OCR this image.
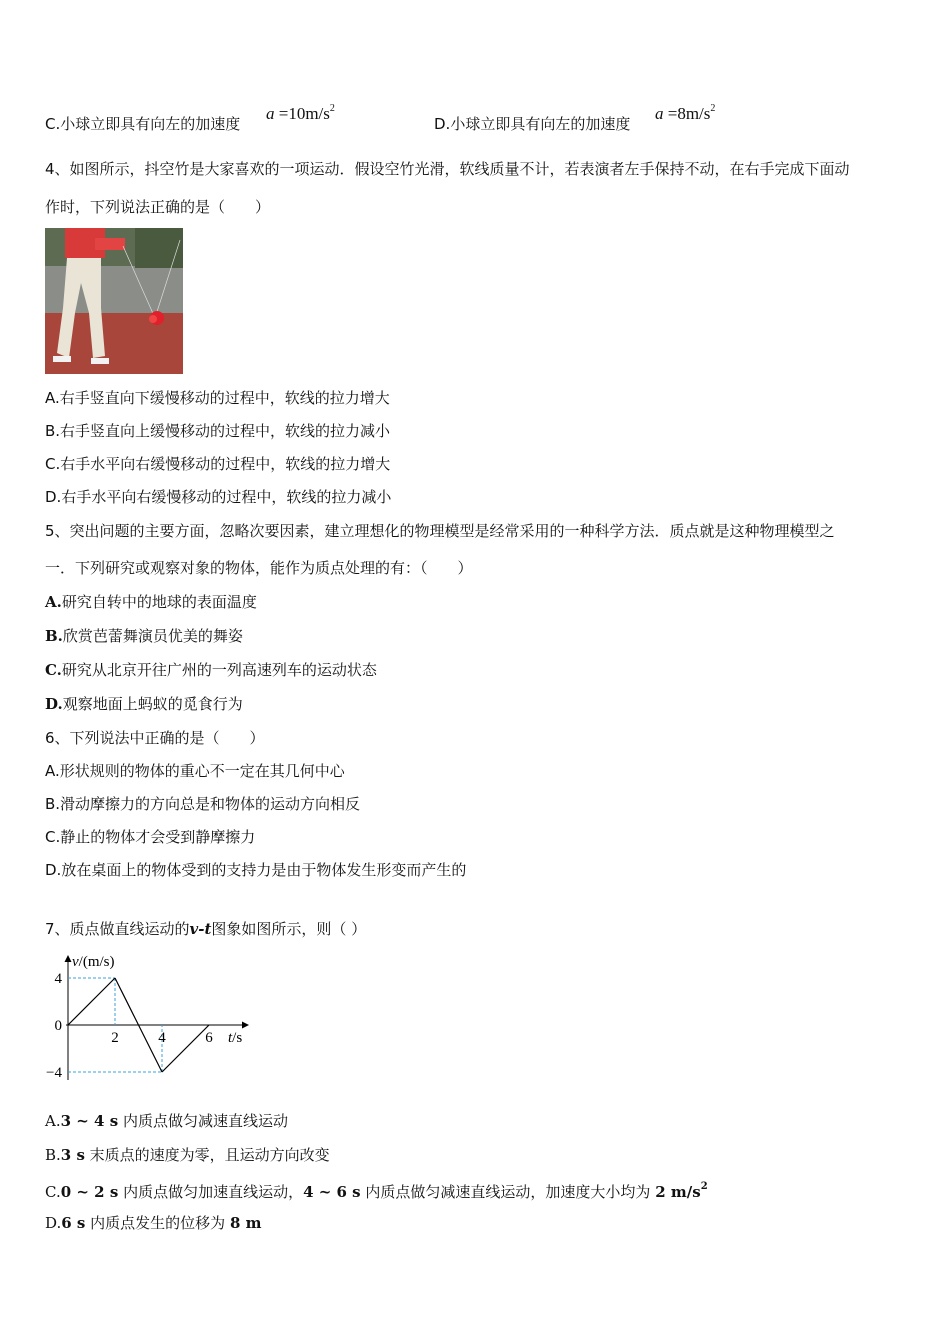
C.小球立即具有向左的加速度
$a =10m/s^2$
D.小球立即具有向左的加速度
$a =8m/s^2$
4、如图所示，抖空竹是大家喜欢的一项运动．假设空竹光滑，软线质量不计，若表演者左手保持不动，在右手完成下面动
作时，下列说法正确的是（　　）
A.右手竖直向下缓慢移动的过程中，软线的拉力增大
B.右手竖直向上缓慢移动的过程中，软线的拉力减小
C.右手水平向右缓慢移动的过程中，软线的拉力增大
D.右手水平向右缓慢移动的过程中，软线的拉力减小
5、突出问题的主要方面，忽略次要因素，建立理想化的物理模型是经常采用的一种科学方法．质点就是这种物理模型之
一．下列研究或观察对象的物体，能作为质点处理的有：（　　）
A.研究自转中的地球的表面温度
B.欣赏芭蕾舞演员优美的舞姿
C.研究从北京开往广州的一列高速列车的运动状态
D.观察地面上蚂蚁的觅食行为
6、下列说法中正确的是（　　）
A.形状规则的物体的重心不一定在其几何中心
B.滑动摩擦力的方向总是和物体的运动方向相反
C.静止的物体才会受到静摩擦力
D.放在桌面上的物体受到的支持力是由于物体发生形变而产生的
7、质点做直线运动的v-t图象如图所示，则（ ）
4
0
−4
2	4	6
v/(m/s)
t/s
A.3 ~ 4 s 内质点做匀减速直线运动
B.3 s 末质点的速度为零，且运动方向改变
C.0 ~ 2 s 内质点做匀加速直线运动，4 ~ 6 s 内质点做匀减速直线运动，加速度大小均为 2 $m/s^2$
D.6 s 内质点发生的位移为 8 m
